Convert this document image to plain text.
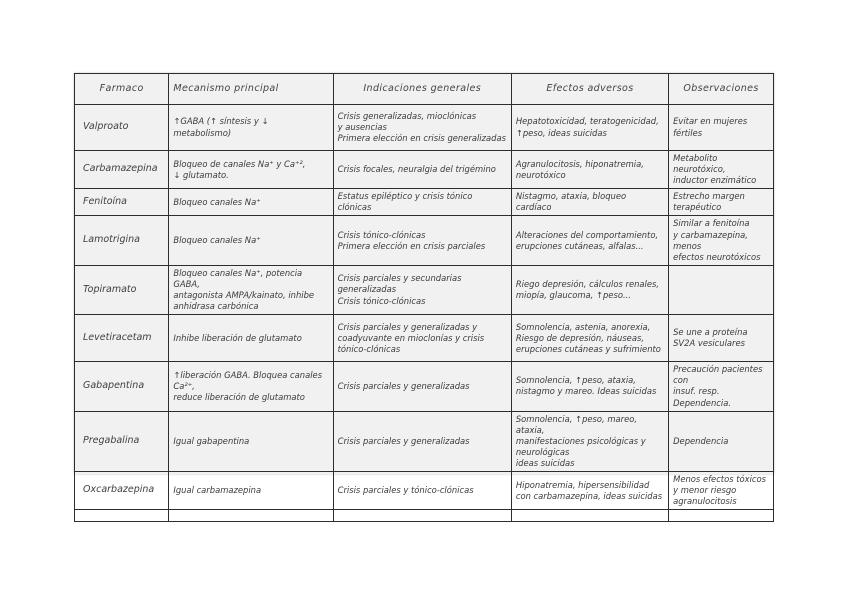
Farmaco	Mecanismo principal	Indicaciones generales	Efectos adversos	Observaciones
Valproato	↑GABA (↑ síntesis y ↓ metabolismo)	Crisis generalizadas, mioclónicas
y ausencias
Primera elección en crisis generalizadas	Hepatotoxicidad, teratogenicidad,
↑peso, ideas suicidas	Evitar en mujeres
fértiles

Carbamazepina	Bloqueo de canales Na⁺ y Ca⁺²,
↓ glutamato.	Crisis focales, neuralgia del trigémino	Agranulocitosis, hiponatremia, neurotóxico	Metabolito neurotóxico,
inductor enzimático

Fenitoína	Bloqueo canales Na⁺	Estatus epiléptico y crisis tónico clónicas	Nistagmo, ataxia, bloqueo cardíaco	Estrecho margen terapéutico

Lamotrigina	Bloqueo canales Na⁺	Crisis tónico-clónicas
Primera elección en crisis parciales	Alteraciones del comportamiento,
erupciones cutáneas, alfalas...	Similar a fenitoína
y carbamazepina, menos
efectos neurotóxicos

Topiramato	Bloqueo canales Na⁺, potencia GABA,
antagonista AMPA/kainato, inhibe
anhidrasa carbónica	Crisis parciales y secundarias generalizadas
Crisis tónico-clónicas	Riego depresión, cálculos renales,
miopía, glaucoma, ↑peso...	

Levetiracetam	Inhibe liberación de glutamato	Crisis parciales y generalizadas y
coadyuvante en mioclonías y crisis
tónico-clónicas	Somnolencia, astenia, anorexia,
Riesgo de depresión, náuseas,
erupciones cutáneas y sufrimiento	Se une a proteína
SV2A vesiculares

Gabapentina	↑liberación GABA. Bloquea canales Ca²⁺,
reduce liberación de glutamato	Crisis parciales y generalizadas	Somnolencia, ↑peso, ataxia,
nistagmo y mareo. Ideas suicidas	Precaución pacientes con
insuf. resp. Dependencia.

Pregabalina	Igual gabapentina	Crisis parciales y generalizadas	Somnolencia, ↑peso, mareo, ataxia,
manifestaciones psicológicas y neurológicas
ideas suicidas	Dependencia

Oxcarbazepina	Igual carbamazepina	Crisis parciales y tónico-clónicas	Hiponatremia, hipersensibilidad
con carbamazepina, ideas suicidas	Menos efectos tóxicos
y menor riesgo agranulocitosis
